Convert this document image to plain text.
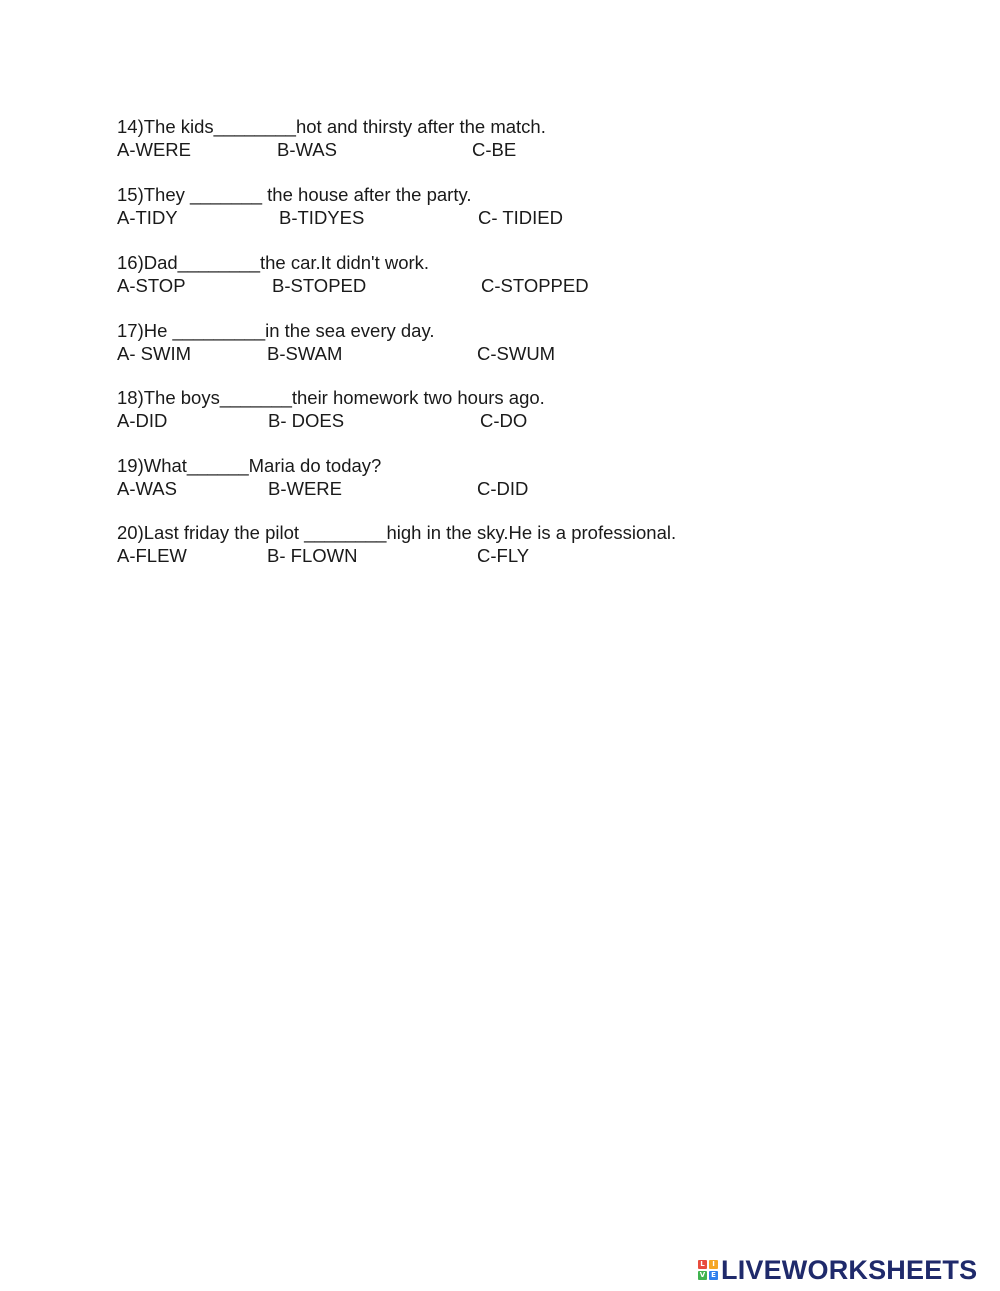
14)The kids________hot and thirsty after the match.
A-WERE	B-WAS	C-BE
15)They _______ the house after the party.
A-TIDY	B-TIDYES	C- TIDIED
16)Dad________the car.It didn't work.
A-STOP	B-STOPED	C-STOPPED
17)He _________in the sea every day.
A- SWIM	B-SWAM	C-SWUM
18)The boys_______their homework two hours ago.
A-DID	B- DOES	C-DO
19)What______Maria do today?
A-WAS	B-WERE	C-DID
20)Last friday the pilot ________high in the sky.He is a professional.
A-FLEW	B- FLOWN	C-FLY
L	I
V E LIVEWORKSHEETS
